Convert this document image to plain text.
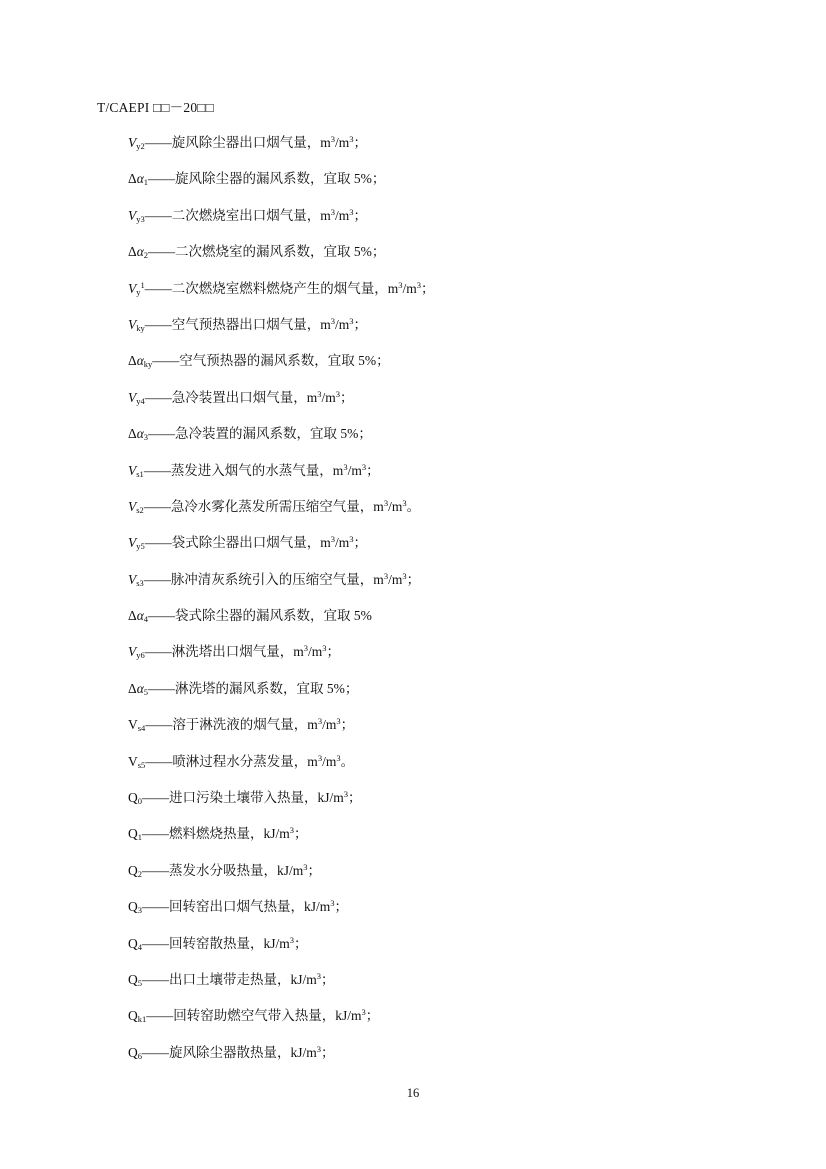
T/CAEPI □□－20□□
$V_{y2}——$旋风除尘器出口烟气量，$m^3/m^3$；
$\Delta\alpha_1——$旋风除尘器的漏风系数，宜取 5%；
$V_{y3}——$二次燃烧室出口烟气量，$m^3/m^3$；
$\Delta\alpha_2——$二次燃烧室的漏风系数，宜取 5%；
$V_y^1——$二次燃烧室燃料燃烧产生的烟气量，$m^3/m^3$；
$V_{ky}——$空气预热器出口烟气量，$m^3/m^3$；
$\Delta\alpha_{ky}——$空气预热器的漏风系数，宜取 5%；
$V_{y4}——$急冷装置出口烟气量，$m^3/m^3$；
$\Delta\alpha_3——$急冷装置的漏风系数，宜取 5%；
$V_{s1}——$蒸发进入烟气的水蒸气量，$m^3/m^3$；
$V_{s2}——$急冷水雾化蒸发所需压缩空气量，$m^3/m^3$。
$V_{y5}——$袋式除尘器出口烟气量，$m^3/m^3$；
$V_{s3}——$脉冲清灰系统引入的压缩空气量，$m^3/m^3$；
$\Delta\alpha_4——$袋式除尘器的漏风系数，宜取 5%
$V_{y6}——$淋洗塔出口烟气量，$m^3/m^3$；
$\Delta\alpha_5——$淋洗塔的漏风系数，宜取 5%；
$V_{s4}——$溶于淋洗液的烟气量，$m^3/m^3$；
$V_{s5}——$喷淋过程水分蒸发量，$m^3/m^3$。
$Q_0——$进口污染土壤带入热量，$kJ/m^3$；
$Q_1——$燃料燃烧热量，$kJ/m^3$；
$Q_2——$蒸发水分吸热量，$kJ/m^3$；
$Q_3——$回转窑出口烟气热量，$kJ/m^3$；
$Q_4——$回转窑散热量，$kJ/m^3$；
$Q_5——$出口土壤带走热量，$kJ/m^3$；
$Q_{k1}——$回转窑助燃空气带入热量，$kJ/m^3$；
$Q_6——$旋风除尘器散热量，$kJ/m^3$；
16
